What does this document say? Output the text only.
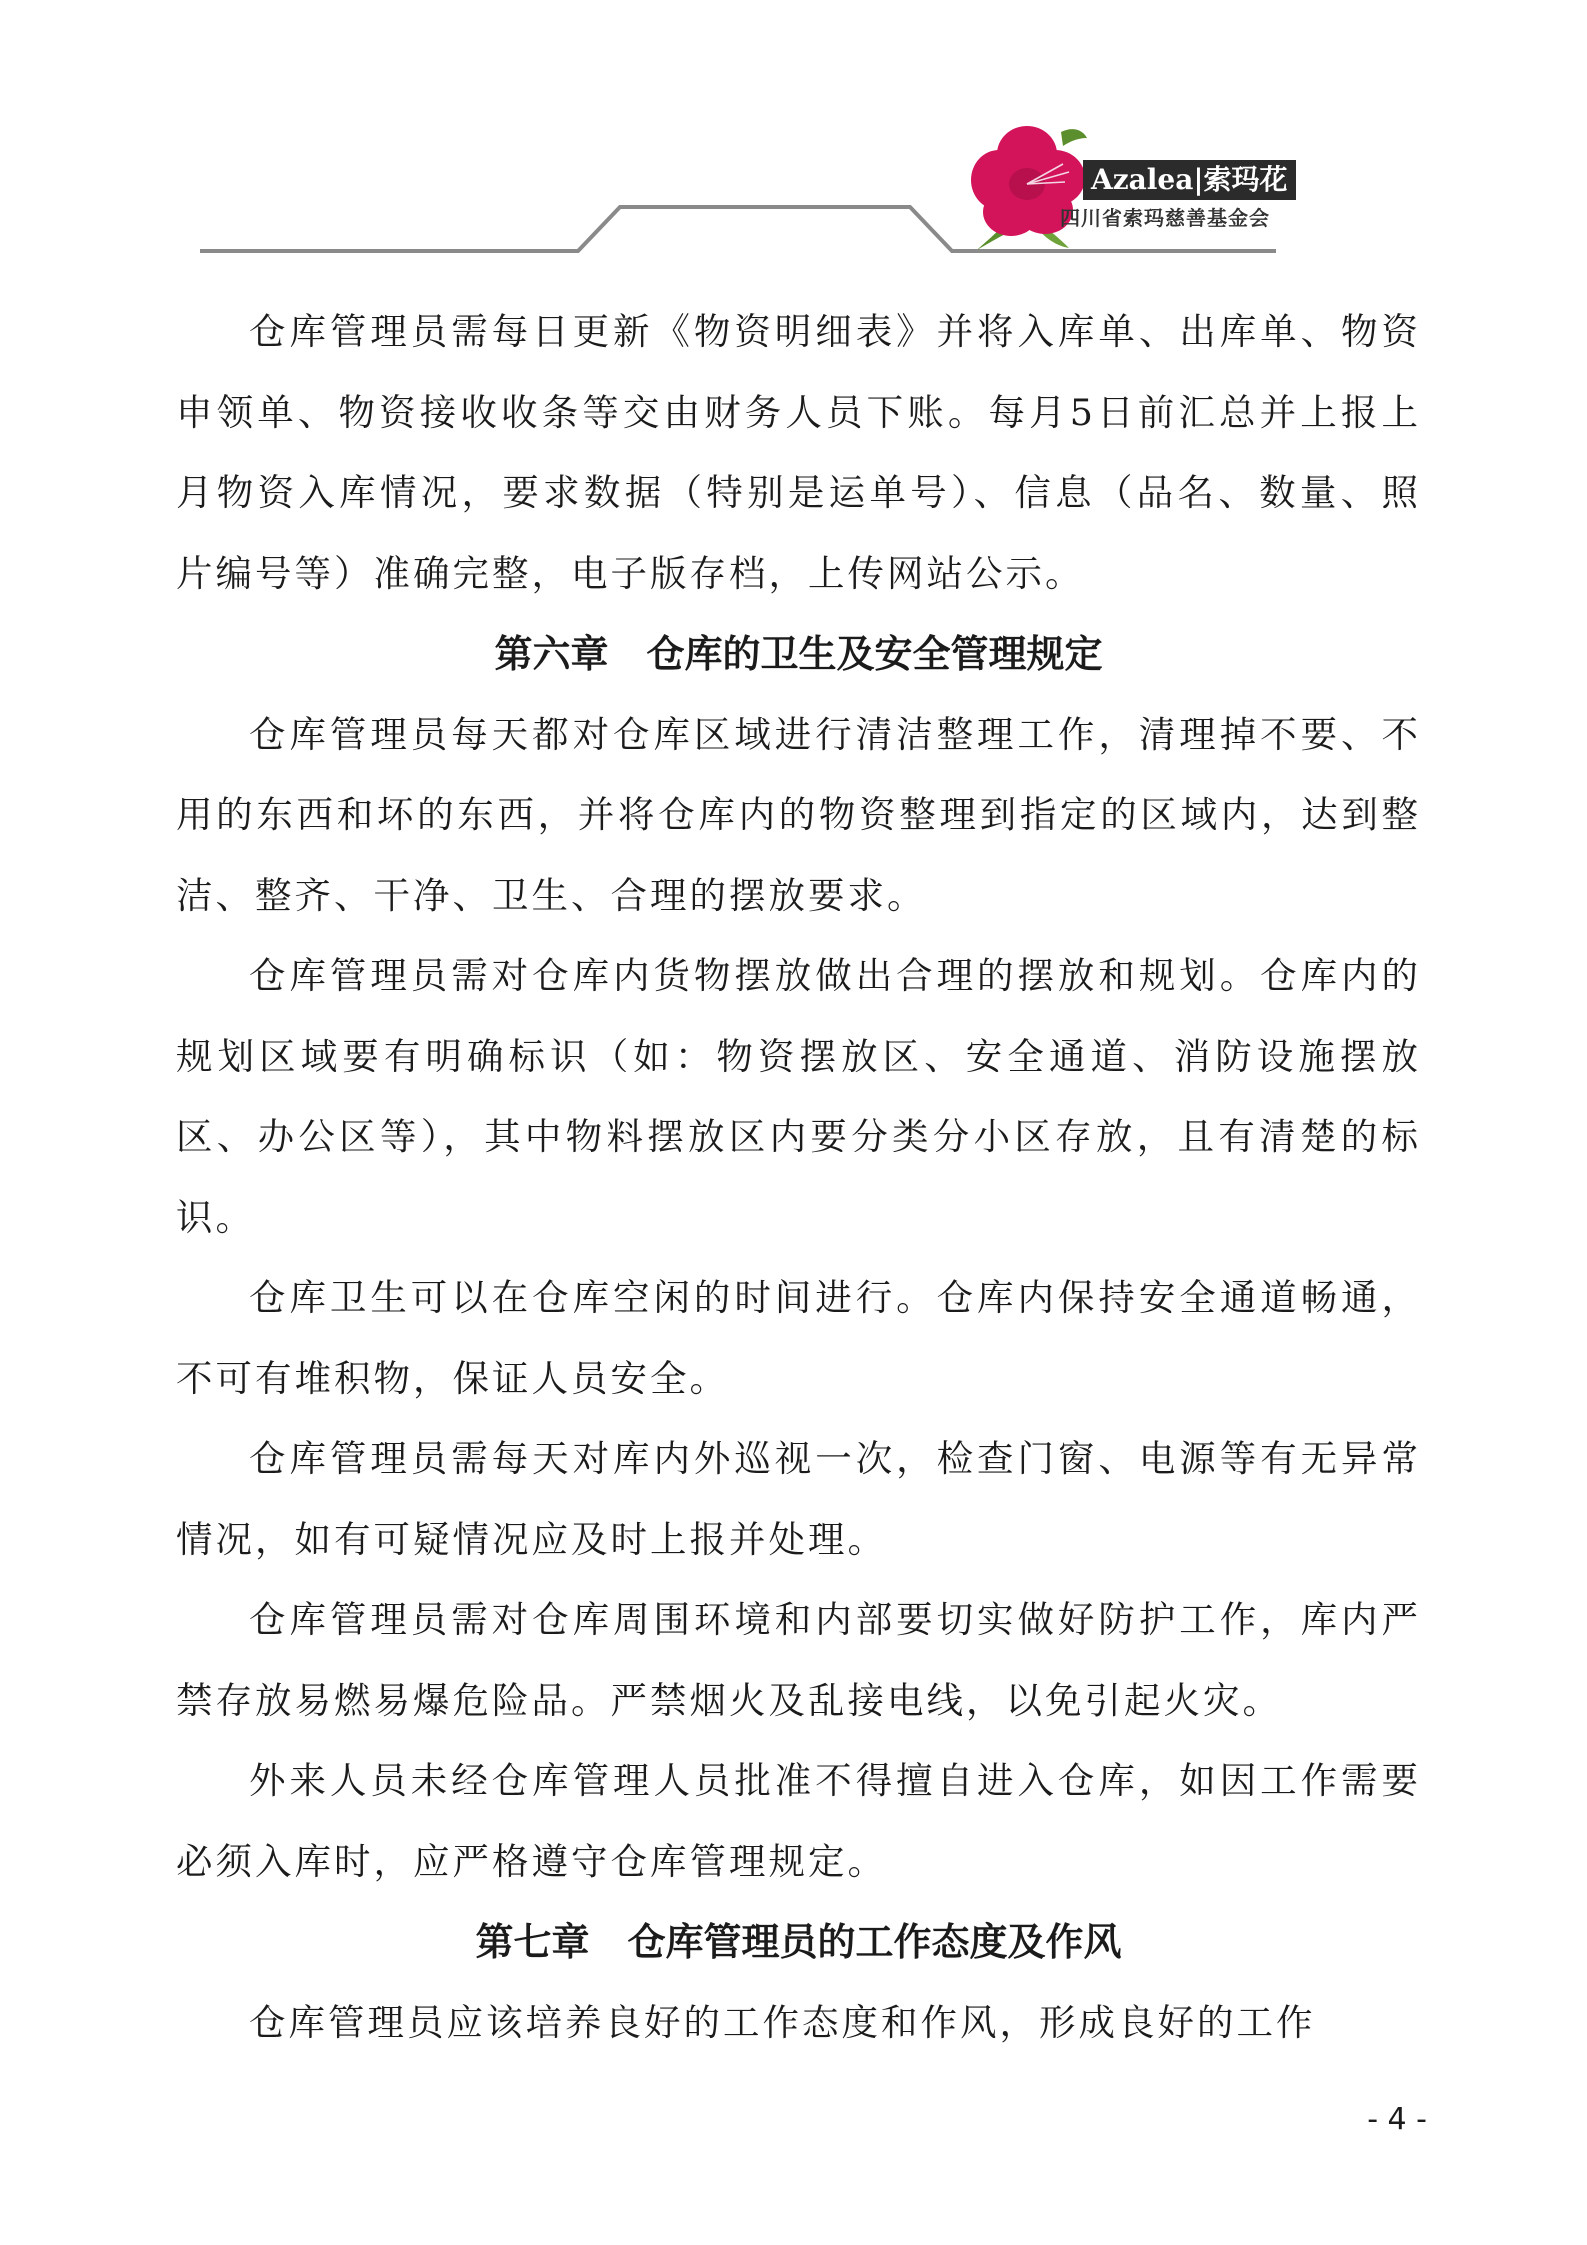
Azalea|索玛花
四川省索玛慈善基金会

仓库管理员需每日更新《物资明细表》并将入库单、出库单、物资申领单、物资接收收条等交由财务人员下账。每月5日前汇总并上报上月物资入库情况，要求数据（特别是运单号）、信息（品名、数量、照片编号等）准确完整，电子版存档，上传网站公示。

第六章　仓库的卫生及安全管理规定

仓库管理员每天都对仓库区域进行清洁整理工作，清理掉不要、不用的东西和坏的东西，并将仓库内的物资整理到指定的区域内，达到整洁、整齐、干净、卫生、合理的摆放要求。

仓库管理员需对仓库内货物摆放做出合理的摆放和规划。仓库内的规划区域要有明确标识（如：物资摆放区、安全通道、消防设施摆放区、办公区等），其中物料摆放区内要分类分小区存放，且有清楚的标识。

仓库卫生可以在仓库空闲的时间进行。仓库内保持安全通道畅通，不可有堆积物，保证人员安全。

仓库管理员需每天对库内外巡视一次，检查门窗、电源等有无异常情况，如有可疑情况应及时上报并处理。

仓库管理员需对仓库周围环境和内部要切实做好防护工作，库内严禁存放易燃易爆危险品。严禁烟火及乱接电线，以免引起火灾。

外来人员未经仓库管理人员批准不得擅自进入仓库，如因工作需要必须入库时，应严格遵守仓库管理规定。

第七章　仓库管理员的工作态度及作风

仓库管理员应该培养良好的工作态度和作风，形成良好的工作

- 4 -
